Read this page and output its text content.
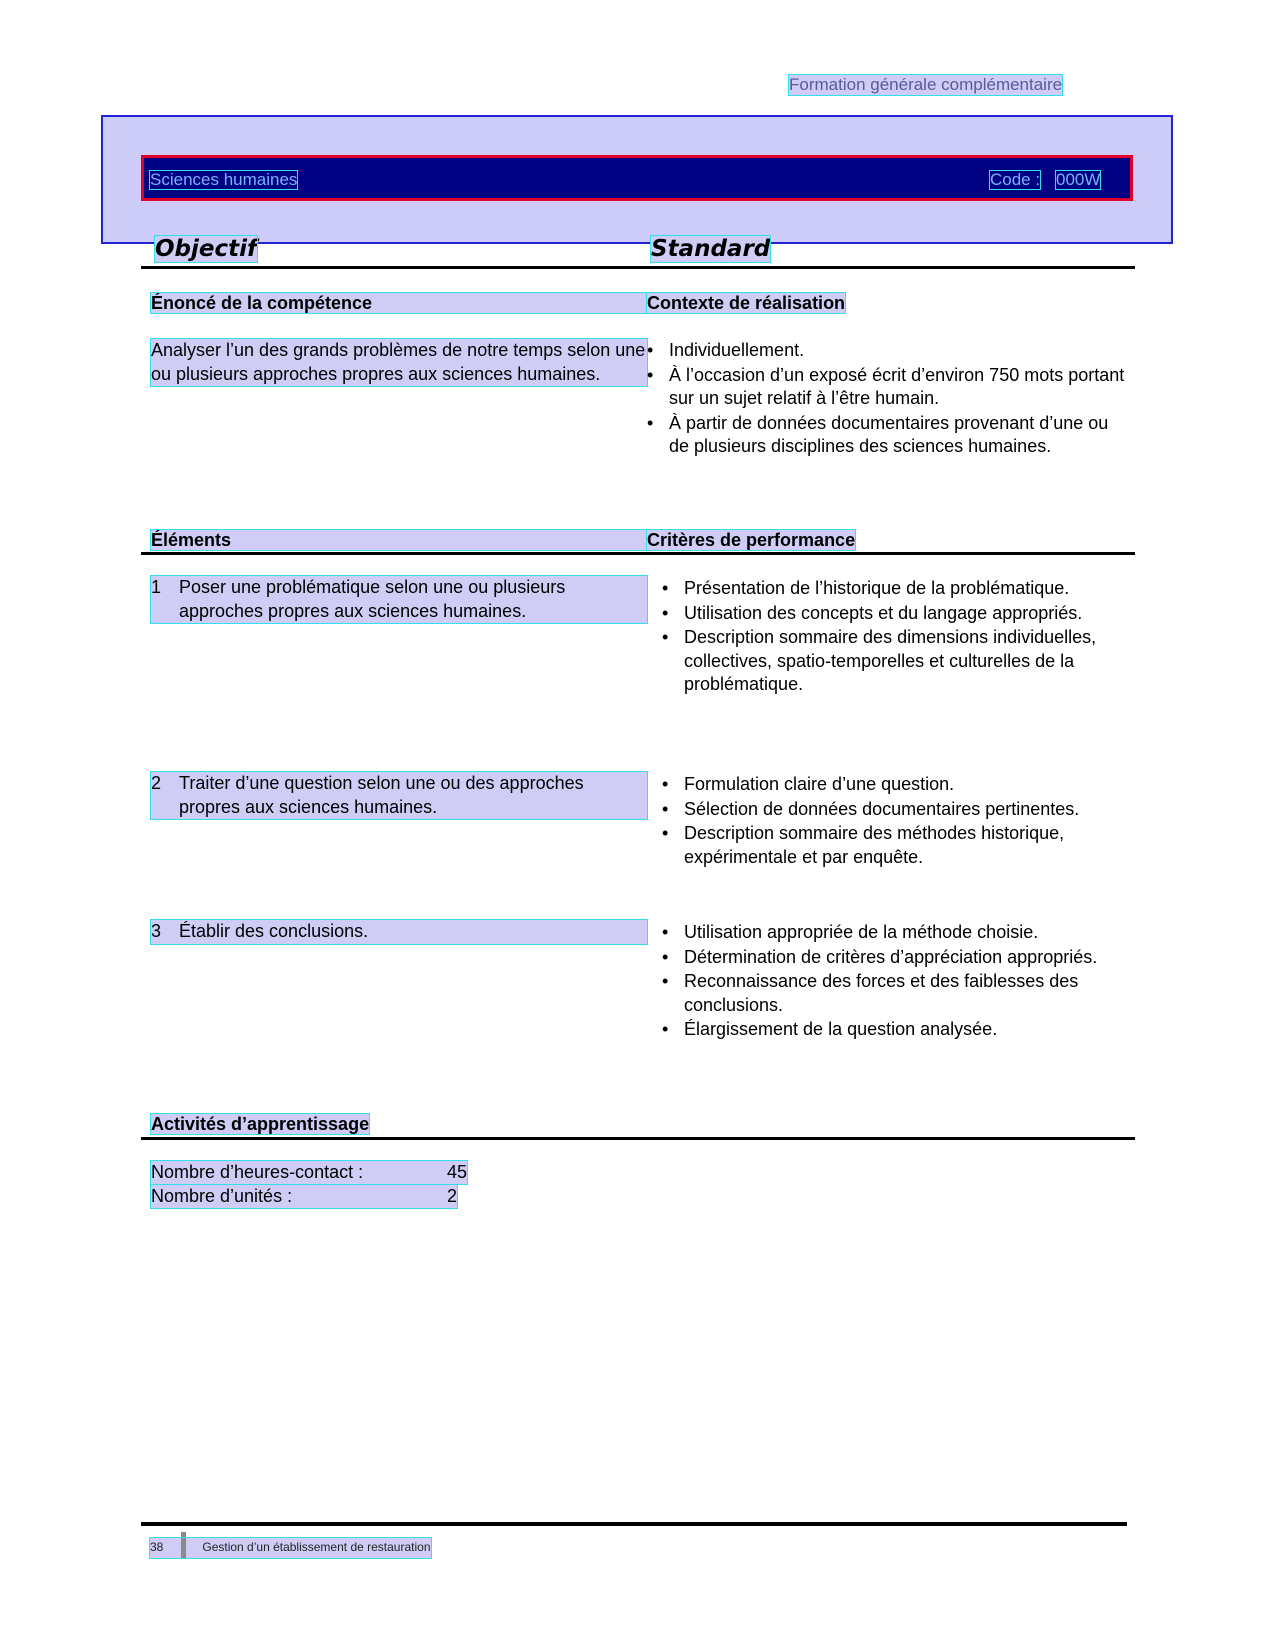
Formation générale complémentaire
Sciences humaines	Code : 000W
Objectif	Standard
Énoncé de la compétence	Contexte de réalisation
Analyser l’un des grands problèmes de notre temps selon une ou plusieurs approches propres aux sciences humaines.
• Individuellement.
• À l’occasion d’un exposé écrit d’environ 750 mots portant sur un sujet relatif à l’être humain.
• À partir de données documentaires provenant d’une ou de plusieurs disciplines des sciences humaines.
Éléments	Critères de performance
1 Poser une problématique selon une ou plusieurs approches propres aux sciences humaines.
• Présentation de l’historique de la problématique.
• Utilisation des concepts et du langage appropriés.
• Description sommaire des dimensions individuelles, collectives, spatio-temporelles et culturelles de la problématique.
2 Traiter d’une question selon une ou des approches propres aux sciences humaines.
• Formulation claire d’une question.
• Sélection de données documentaires pertinentes.
• Description sommaire des méthodes historique, expérimentale et par enquête.
3 Établir des conclusions.
•	Utilisation appropriée de la méthode choisie.
• Détermination de critères d’appréciation appropriés.
• Reconnaissance des forces et des faiblesses des conclusions.
• Élargissement de la question analysée.
Activités d’apprentissage
Nombre d’heures-contact :	45
Nombre d’unités :	2
38	Gestion d’un établissement de restauration
